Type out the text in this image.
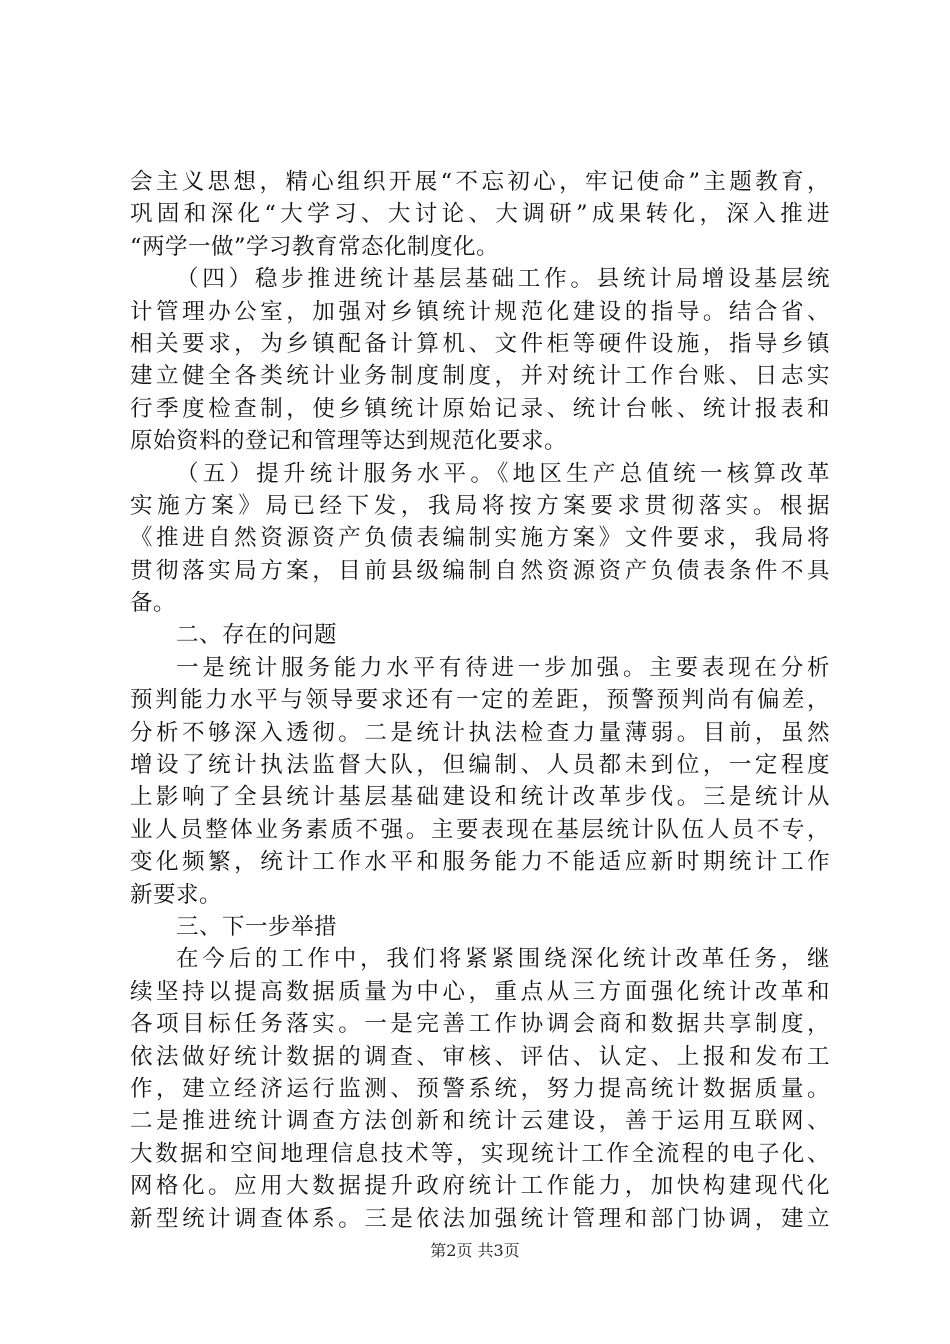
会主义思想，精心组织开展“不忘初心，牢记使命”主题教育，
巩固和深化“大学习、大讨论、大调研”成果转化，深入推进
“两学一做”学习教育常态化制度化。
（四）稳步推进统计基层基础工作。县统计局增设基层统
计管理办公室，加强对乡镇统计规范化建设的指导。结合省、
相关要求，为乡镇配备计算机、文件柜等硬件设施，指导乡镇
建立健全各类统计业务制度制度，并对统计工作台账、日志实
行季度检查制，使乡镇统计原始记录、统计台帐、统计报表和
原始资料的登记和管理等达到规范化要求。
（五）提升统计服务水平。《地区生产总值统一核算改革
实施方案》局已经下发，我局将按方案要求贯彻落实。根据
《推进自然资源资产负债表编制实施方案》文件要求，我局将
贯彻落实局方案，目前县级编制自然资源资产负债表条件不具
备。
二、存在的问题
一是统计服务能力水平有待进一步加强。主要表现在分析
预判能力水平与领导要求还有一定的差距，预警预判尚有偏差，
分析不够深入透彻。二是统计执法检查力量薄弱。目前，虽然
增设了统计执法监督大队，但编制、人员都未到位，一定程度
上影响了全县统计基层基础建设和统计改革步伐。三是统计从
业人员整体业务素质不强。主要表现在基层统计队伍人员不专，
变化频繁，统计工作水平和服务能力不能适应新时期统计工作
新要求。
三、下一步举措
在今后的工作中，我们将紧紧围绕深化统计改革任务，继
续坚持以提高数据质量为中心，重点从三方面强化统计改革和
各项目标任务落实。一是完善工作协调会商和数据共享制度，
依法做好统计数据的调查、审核、评估、认定、上报和发布工
作，建立经济运行监测、预警系统，努力提高统计数据质量。
二是推进统计调查方法创新和统计云建设，善于运用互联网、
大数据和空间地理信息技术等，实现统计工作全流程的电子化、
网格化。应用大数据提升政府统计工作能力，加快构建现代化
新型统计调查体系。三是依法加强统计管理和部门协调，建立
第2页 共3页
